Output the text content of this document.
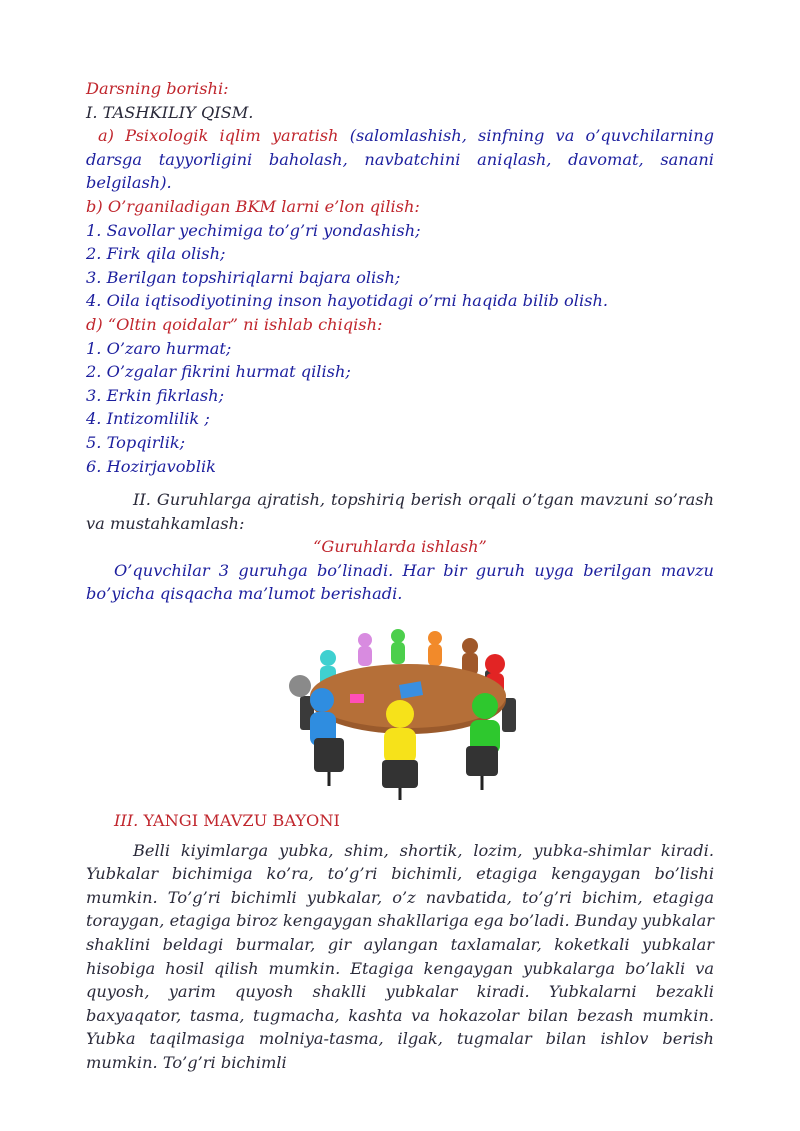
Darsning borishi:
I. TASHKILIY QISM.
a) Psixologik iqlim yaratish (salomlashish, sinfning va o’quvchilarning darsga tayyorligini baholash, navbatchini aniqlash, davomat, sanani belgilash).
b) O’rganiladigan BKM larni e’lon qilish:
1. Savollar yechimiga to’g’ri yondashish;
2. Firk qila olish;
3. Berilgan topshiriqlarni bajara olish;
4. Oila iqtisodiyotining inson hayotidagi o’rni haqida bilib olish.
d) “Oltin qoidalar” ni ishlab chiqish:
1. O’zaro hurmat;
2. O’zgalar fikrini hurmat qilish;
3. Erkin fikrlash;
4. Intizomlilik ;
5. Topqirlik;
6. Hozirjavoblik
II. Guruhlarga ajratish, topshiriq berish orqali o’tgan mavzuni so’rash va mustahkamlash:
“Guruhlarda ishlash”
O’quvchilar 3 guruhga bo’linadi. Har bir guruh uyga berilgan mavzu bo’yicha qisqacha ma’lumot berishadi.
III. YANGI MAVZU BAYONI
Belli kiyimlarga yubka, shim, shortik, lozim, yubka-shimlar kiradi. Yubkalar bichimiga ko’ra, to’g’ri bichimli, etagiga kengaygan bo’lishi mumkin. To’g’ri bichimli yubkalar, o’z navbatida, to’g’ri bichim, etagiga toraygan, etagiga biroz kengaygan shakllariga ega bo’ladi. Bunday yubkalar shaklini beldagi burmalar, gir aylangan taxlamalar, koketkali yubkalar hisobiga hosil qilish mumkin. Etagiga kengaygan yubkalarga bo’lakli va quyosh, yarim quyosh shaklli yubkalar kiradi. Yubkalarni bezakli baxyaqator, tasma, tugmacha, kashta va hokazolar bilan bezash mumkin. Yubka taqilmasiga molniya-tasma, ilgak, tugmalar bilan ishlov berish mumkin. To’g’ri bichimli
